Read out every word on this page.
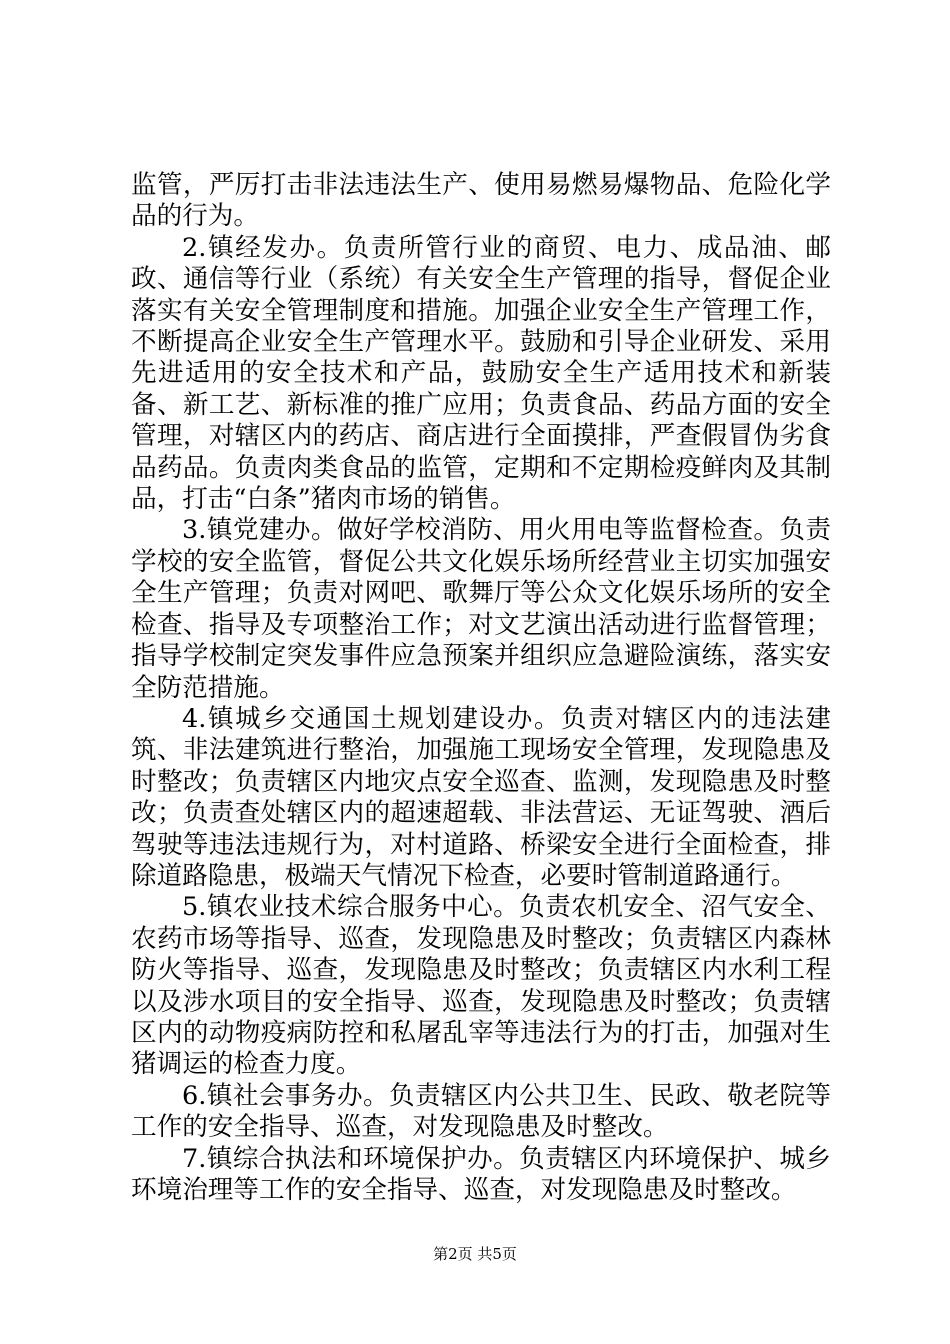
监管，严厉打击非法违法生产、使用易燃易爆物品、危险化学品的行为。

2.镇经发办。负责所管行业的商贸、电力、成品油、邮政、通信等行业（系统）有关安全生产管理的指导，督促企业落实有关安全管理制度和措施。加强企业安全生产管理工作，不断提高企业安全生产管理水平。鼓励和引导企业研发、采用先进适用的安全技术和产品，鼓励安全生产适用技术和新装备、新工艺、新标准的推广应用；负责食品、药品方面的安全管理，对辖区内的药店、商店进行全面摸排，严查假冒伪劣食品药品。负责肉类食品的监管，定期和不定期检疫鲜肉及其制品，打击“白条”猪肉市场的销售。

3.镇党建办。做好学校消防、用火用电等监督检查。负责学校的安全监管，督促公共文化娱乐场所经营业主切实加强安全生产管理；负责对网吧、歌舞厅等公众文化娱乐场所的安全检查、指导及专项整治工作；对文艺演出活动进行监督管理；指导学校制定突发事件应急预案并组织应急避险演练，落实安全防范措施。

4.镇城乡交通国土规划建设办。负责对辖区内的违法建筑、非法建筑进行整治，加强施工现场安全管理，发现隐患及时整改；负责辖区内地灾点安全巡查、监测，发现隐患及时整改；负责查处辖区内的超速超载、非法营运、无证驾驶、酒后驾驶等违法违规行为，对村道路、桥梁安全进行全面检查，排除道路隐患，极端天气情况下检查，必要时管制道路通行。

5.镇农业技术综合服务中心。负责农机安全、沼气安全、农药市场等指导、巡查，发现隐患及时整改；负责辖区内森林防火等指导、巡查，发现隐患及时整改；负责辖区内水利工程以及涉水项目的安全指导、巡查，发现隐患及时整改；负责辖区内的动物疫病防控和私屠乱宰等违法行为的打击，加强对生猪调运的检查力度。

6.镇社会事务办。负责辖区内公共卫生、民政、敬老院等工作的安全指导、巡查，对发现隐患及时整改。

7.镇综合执法和环境保护办。负责辖区内环境保护、城乡环境治理等工作的安全指导、巡查，对发现隐患及时整改。

第2页 共5页
